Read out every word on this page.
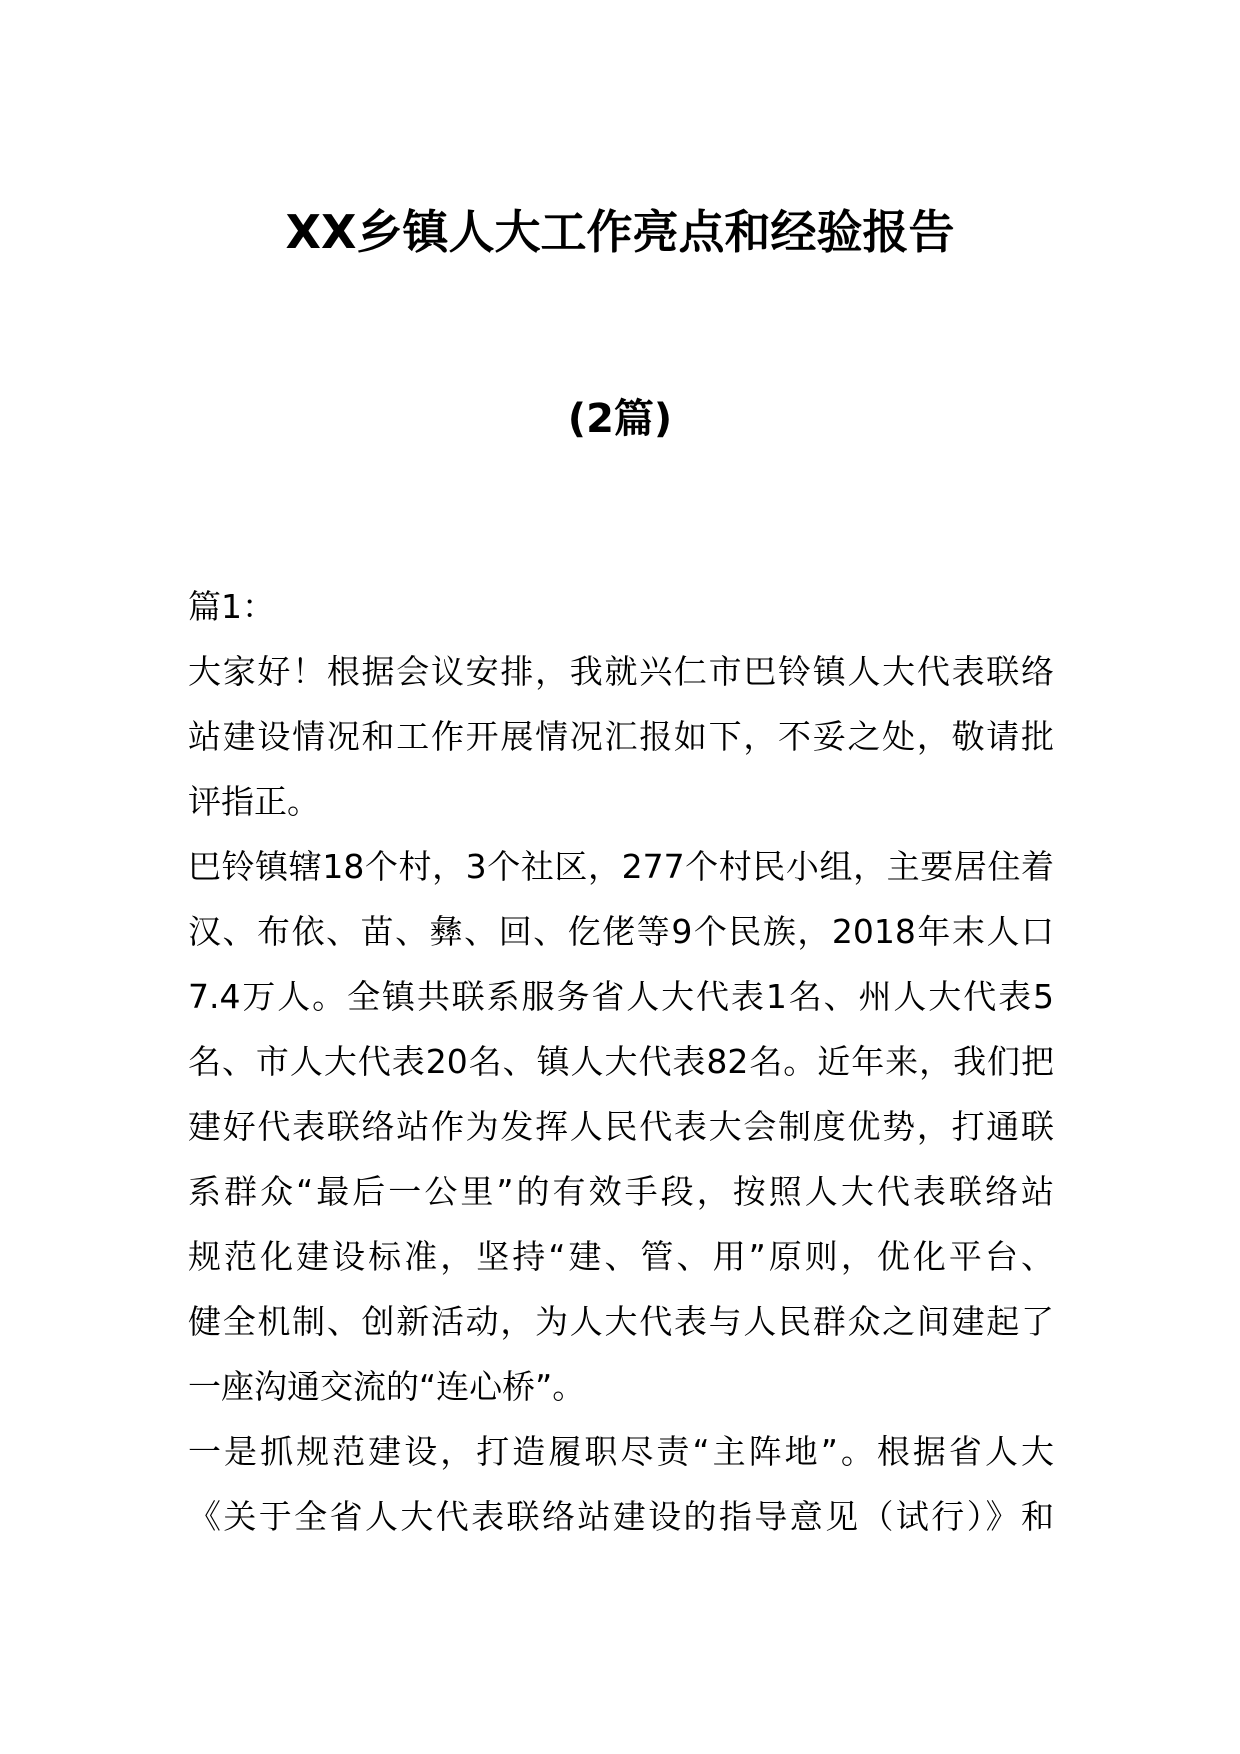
XX乡镇人大工作亮点和经验报告
(2篇)
篇1：
大家好！根据会议安排，我就兴仁市巴铃镇人大代表联络
站建设情况和工作开展情况汇报如下，不妥之处，敬请批
评指正。
巴铃镇辖18个村，3个社区，277个村民小组，主要居住着
汉、布依、苗、彝、回、仡佬等9个民族，2018年末人口
7.4万人。全镇共联系服务省人大代表1名、州人大代表5
名、市人大代表20名、镇人大代表82名。近年来，我们把
建好代表联络站作为发挥人民代表大会制度优势，打通联
系群众“最后一公里”的有效手段，按照人大代表联络站
规范化建设标准，坚持“建、管、用”原则，优化平台、
健全机制、创新活动，为人大代表与人民群众之间建起了
一座沟通交流的“连心桥”。
一是抓规范建设，打造履职尽责“主阵地”。根据省人大
《关于全省人大代表联络站建设的指导意见（试行）》和
